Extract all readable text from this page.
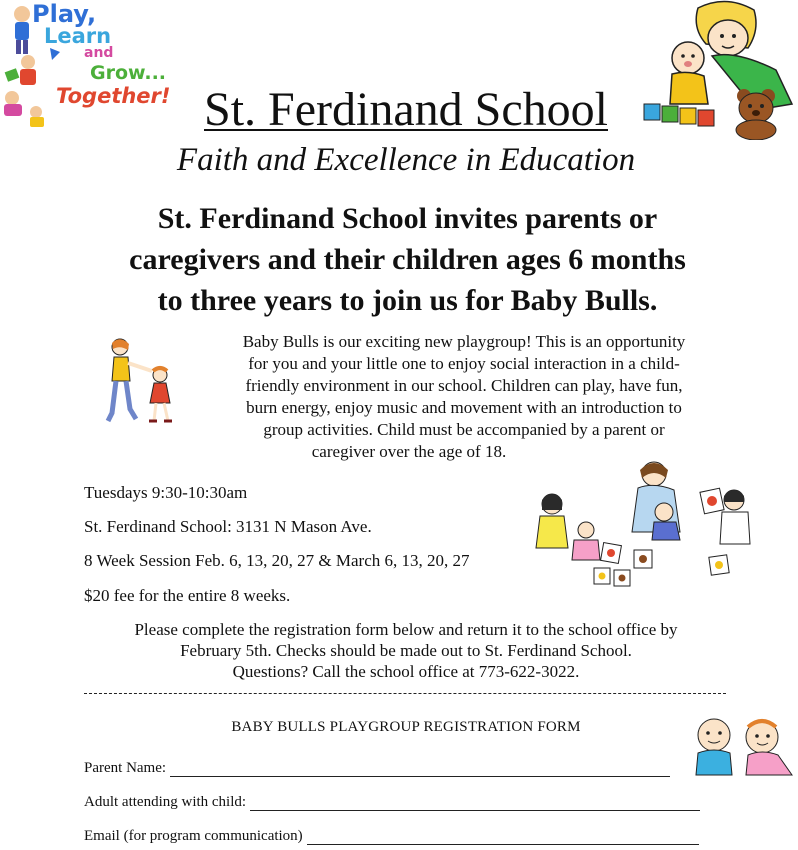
Play,
Learn
and
Grow...
Together! St. Ferdinand School
Faith and Excellence in Education
St. Ferdinand School invites parents or
caregivers and their children ages 6 months
to three years to join us for Baby Bulls.
Baby Bulls is our exciting new playgroup! This is an opportunity
for you and your little one to enjoy social interaction in a child-
friendly environment in our school. Children can play, have fun,
burn energy, enjoy music and movement with an introduction to
group activities. Child must be accompanied by a parent or
caregiver over the age of 18.
Tuesdays 9:30-10:30am
St. Ferdinand School: 3131 N Mason Ave.
8 Week Session Feb. 6, 13, 20, 27 & March 6, 13, 20, 27
$20 fee for the entire 8 weeks.
Please complete the registration form below and return it to the school office by
February 5th. Checks should be made out to St. Ferdinand School.
Questions? Call the school office at 773-622-3022.
BABY BULLS PLAYGROUP REGISTRATION FORM
Parent Name:
Adult attending with child:
Email (for program communication)
